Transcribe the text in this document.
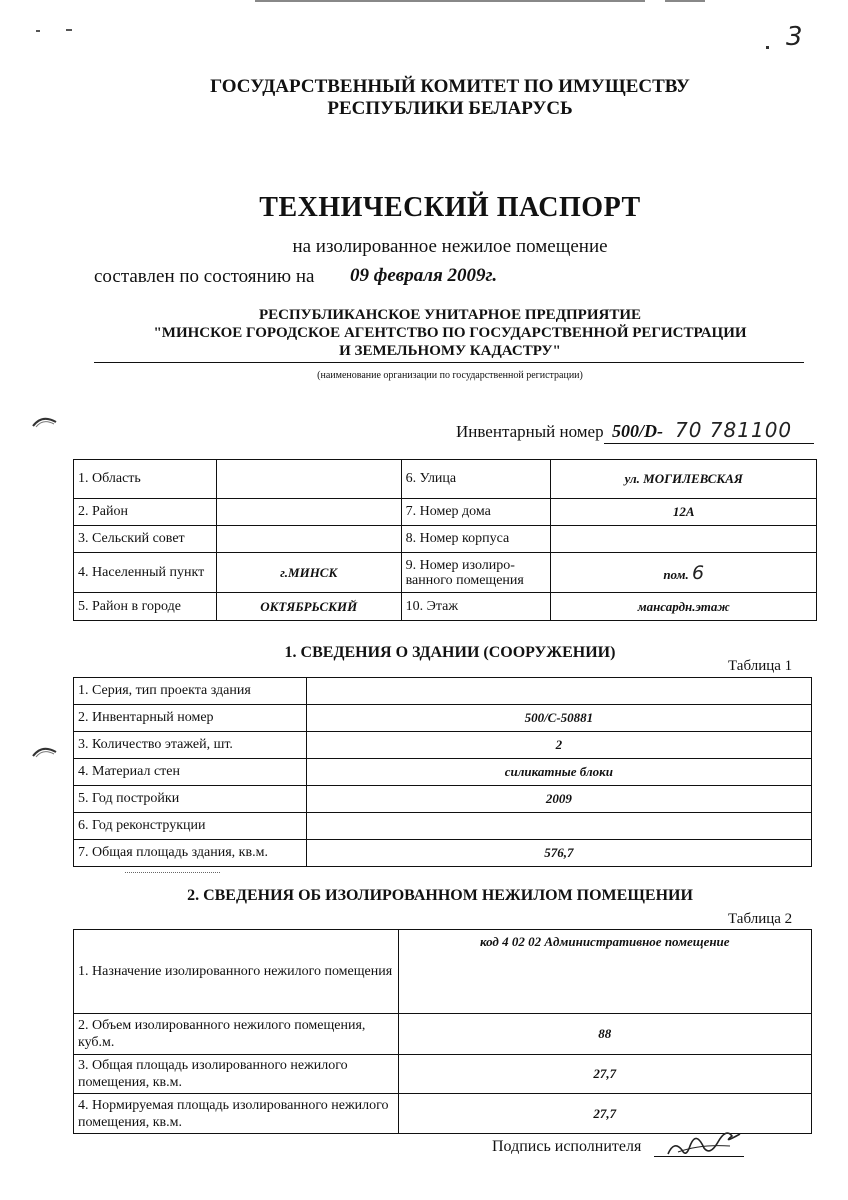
3
ГОСУДАРСТВЕННЫЙ КОМИТЕТ ПО ИМУЩЕСТВУ
РЕСПУБЛИКИ БЕЛАРУСЬ
ТЕХНИЧЕСКИЙ ПАСПОРТ
на изолированное нежилое помещение
составлен по состоянию на 09 февраля 2009г.
РЕСПУБЛИКАНСКОЕ УНИТАРНОЕ ПРЕДПРИЯТИЕ
"МИНСКОЕ ГОРОДСКОЕ АГЕНТСТВО ПО ГОСУДАРСТВЕННОЙ РЕГИСТРАЦИИ
И ЗЕМЕЛЬНОМУ КАДАСТРУ"
(наименование организации по государственной регистрации)
Инвентарный номер 500/D- 70 781100
1. Область		6. Улица	ул. МОГИЛЕВСКАЯ
2. Район		7. Номер дома	12А
3. Сельский совет		8. Номер корпуса	
4. Населенный пункт	г.МИНСК	9. Номер изолиро-ванного помещения	пом. 6
5. Район в городе	ОКТЯБРЬСКИЙ	10. Этаж	мансардн.этаж
1. СВЕДЕНИЯ О ЗДАНИИ (СООРУЖЕНИИ)
Таблица 1
1. Серия, тип проекта здания	
2. Инвентарный номер	500/C-50881
3. Количество этажей, шт.	2
4. Материал стен	силикатные блоки
5. Год постройки	2009
6. Год реконструкции	
7. Общая площадь здания, кв.м.	576,7
2. СВЕДЕНИЯ ОБ ИЗОЛИРОВАННОМ НЕЖИЛОМ ПОМЕЩЕНИИ
Таблица 2
1. Назначение изолированного нежилого помещения	код 4 02 02 Административное помещение
2. Объем изолированного нежилого помещения, куб.м.	88
3. Общая площадь изолированного нежилого помещения, кв.м.	27,7
4. Нормируемая площадь изолированного нежилого помещения, кв.м.	27,7
Подпись исполнителя
